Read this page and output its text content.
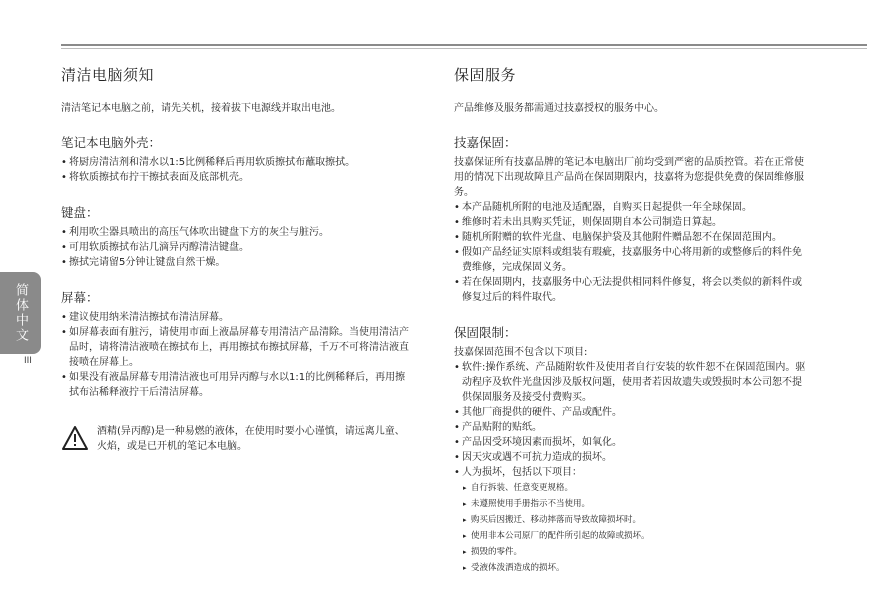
清洁电脑须知

清洁笔记本电脑之前，请先关机，接着拔下电源线并取出电池。

笔记本电脑外壳：
• 将厨房清洁剂和清水以1:5比例稀释后再用软质擦拭布蘸取擦拭。
• 将软质擦拭布拧干擦拭表面及底部机壳。
键盘：
• 利用吹尘器具喷出的高压气体吹出键盘下方的灰尘与脏污。
• 可用软质擦拭布沾几滴异丙醇清洁键盘。
• 擦拭完请留5分钟让键盘自然干燥。
屏幕：
• 建议使用纳米清洁擦拭布清洁屏幕。
• 如屏幕表面有脏污，请使用市面上液晶屏幕专用清洁产品清除。当使用清洁产品时，请将清洁液喷在擦拭布上，再用擦拭布擦拭屏幕，千万不可将清洁液直接喷在屏幕上。
• 如果没有液晶屏幕专用清洁液也可用异丙醇与水以1:1的比例稀释后，再用擦拭布沾稀释液拧干后清洁屏幕。

酒精(异丙醇)是一种易燃的液体，在使用时要小心谨慎，请远离儿童、火焰，或是已开机的笔记本电脑。

保固服务

产品维修及服务都需通过技嘉授权的服务中心。

技嘉保固：

技嘉保证所有技嘉品牌的笔记本电脑出厂前均受到严密的品质控管。若在正常使用的情况下出现故障且产品尚在保固期限内，技嘉将为您提供免费的保固维修服务。

• 本产品随机所附的电池及适配器，自购买日起提供一年全球保固。
• 维修时若未出具购买凭证，则保固期自本公司制造日算起。
• 随机所附赠的软件光盘、电脑保护袋及其他附件赠品恕不在保固范围内。
• 假如产品经证实原料或组装有瑕疵，技嘉服务中心将用新的或整修后的料件免费维修，完成保固义务。
• 若在保固期内，技嘉服务中心无法提供相同料件修复，将会以类似的新料件或修复过后的料件取代。
保固限制：

技嘉保固范围不包含以下项目:

• 软件:操作系统、产品随附软件及使用者自行安装的软件恕不在保固范围内。驱动程序及软件光盘因涉及版权问题，使用者若因故遗失或毁损时本公司恕不提供保固服务及接受付费购买。
• 其他厂商提供的硬件、产品或配件。
• 产品贴附的贴纸。
• 产品因受环境因素而损坏，如氧化。
• 因天灾或遇不可抗力造成的损坏。
• 人为损坏，包括以下项目：
▸ 自行拆装、任意变更规格。
▸ 未遵照使用手册指示不当使用。
▸ 购买后因搬迁、移动摔落而导致故障损坏时。
▸ 使用非本公司原厂的配件所引起的故障或损坏。
▸ 损毁的零件。
▸ 受液体泼洒造成的损坏。
简体中文
III
